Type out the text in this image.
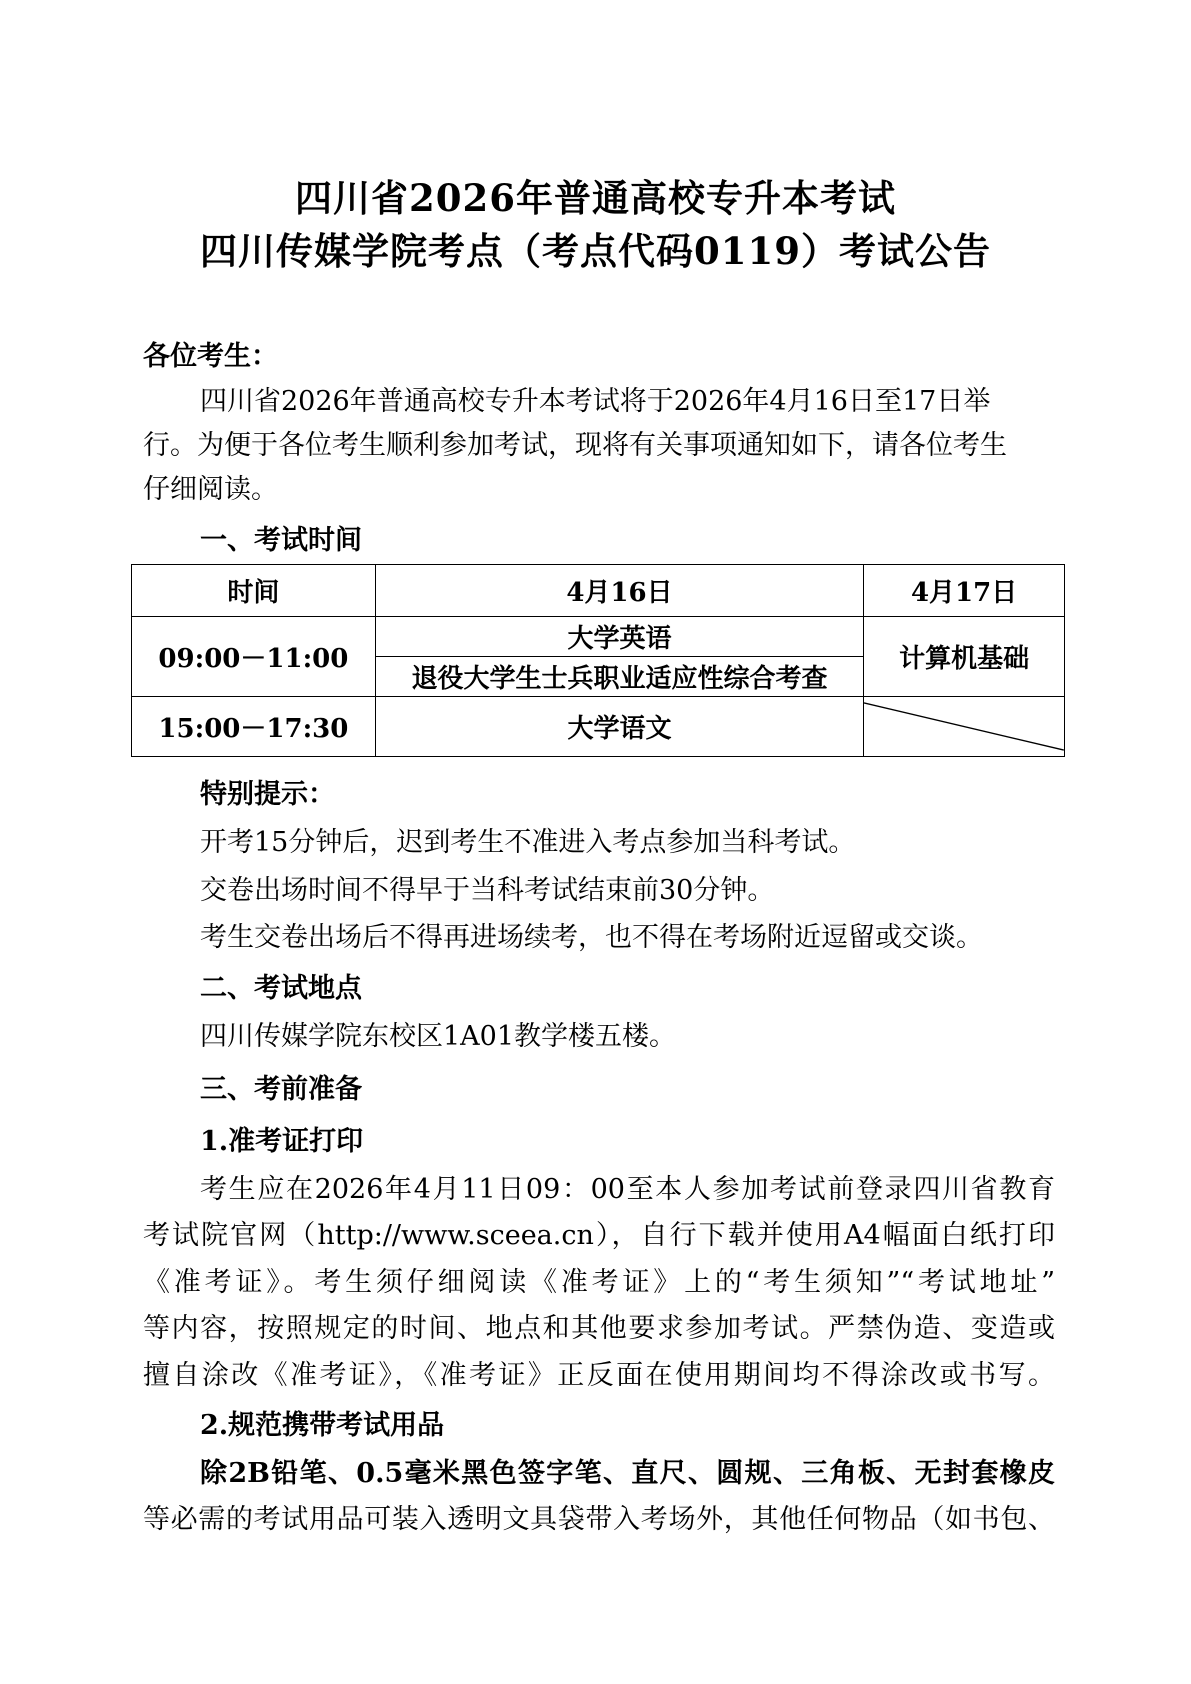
四川省2026年普通高校专升本考试
四川传媒学院考点（考点代码0119）考试公告
各位考生：
四川省2026年普通高校专升本考试将于2026年4月16日至17日举
行。为便于各位考生顺利参加考试，现将有关事项通知如下，请各位考生
仔细阅读。
一、考试时间
时间	4月16日	4月17日
09:00－11:00	大学英语	计算机基础
	退役大学生士兵职业适应性综合考查	
15:00－17:30	大学语文	
特别提示：
开考15分钟后，迟到考生不准进入考点参加当科考试。
交卷出场时间不得早于当科考试结束前30分钟。
考生交卷出场后不得再进场续考，也不得在考场附近逗留或交谈。
二、考试地点
四川传媒学院东校区1A01教学楼五楼。
三、考前准备
1.准考证打印
考生应在2026年4月11日09：00至本人参加考试前登录四川省教育
考试院官网（http://www.sceea.cn），自行下载并使用A4幅面白纸打印
《准考证》。考生须仔细阅读《准考证》上的“考生须知”“考试地址”
等内容，按照规定的时间、地点和其他要求参加考试。严禁伪造、变造或
擅自涂改《准考证》，《准考证》正反面在使用期间均不得涂改或书写。
2.规范携带考试用品
除2B铅笔、0.5毫米黑色签字笔、直尺、圆规、三角板、无封套橡皮
等必需的考试用品可装入透明文具袋带入考场外，其他任何物品（如书包、
